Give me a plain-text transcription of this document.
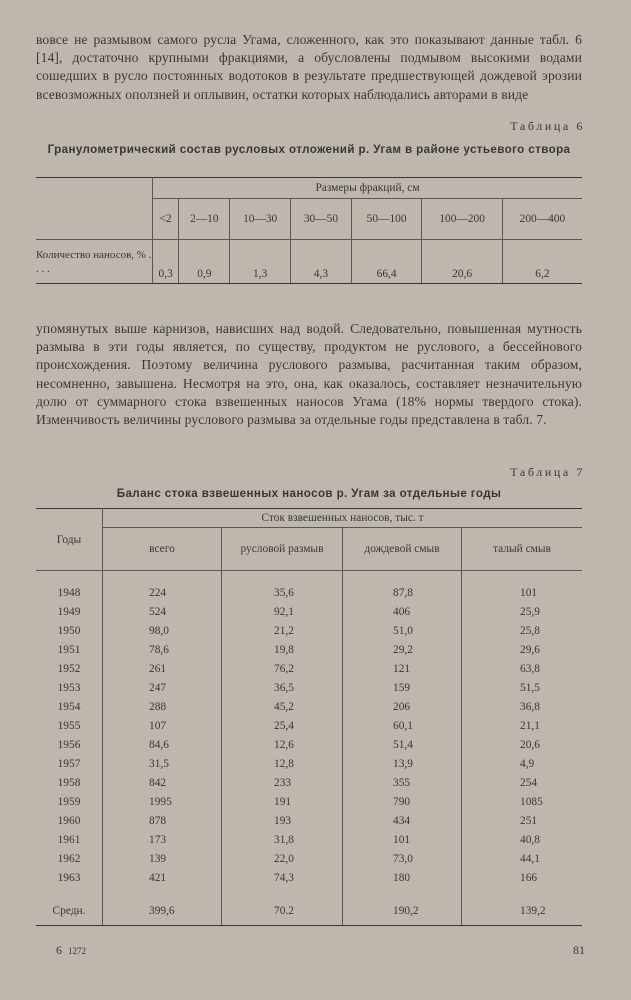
вовсе не размывом самого русла Угама, сложенного, как это показывают данные табл. 6 [14], достаточно крупными фракциями, а обусловлены подмывом высокими водами сошедших в русло постоянных водотоков в результате предшествующей дождевой эрозии всевозможных оползней и оплывин, остатки которых наблюдались авторами в виде
Таблица 6
Гранулометрический состав русловых отложений р. Угам в районе устьевого створа
	Размеры фракций, см						
	<2	2—10	10—30	30—50	50—100	100—200	200—400
Количество наносов, % . . . .	0,3	0,9	1,3	4,3	66,4	20,6	6,2
упомянутых выше карнизов, нависших над водой. Следовательно, повышенная мутность размыва в эти годы является, по существу, продуктом не руслового, а бессейнового происхождения. Поэтому величина руслового размыва, расчитанная таким образом, несомненно, завышена. Несмотря на это, она, как оказалось, составляет незначительную долю от суммарного стока взвешенных наносов Угама (18% нормы твердого стока). Изменчивость величины руслового размыва за отдельные годы представлена в табл. 7.
Таблица 7
Баланс стока взвешенных наносов р. Угам за отдельные годы
Годы	Сток взвешенных наносов, тыс. т			
	всего	русловой размыв	дождевой смыв	талый смыв

1948	224	35,6	87,8	101
1949	524	92,1	406	25,9
1950	98,0	21,2	51,0	25,8
1951	78,6	19,8	29,2	29,6
1952	261	76,2	121	63,8
1953	247	36,5	159	51,5
1954	288	45,2	206	36,8
1955	107	25,4	60,1	21,1
1956	84,6	12,6	51,4	20,6
1957	31,5	12,8	13,9	4,9
1958	842	233	355	254
1959	1995	191	790	1085
1960	878	193	434	251
1961	173	31,8	101	40,8
1962	139	22,0	73,0	44,1
1963	421	74,3	180	166
Средн.	399,6	70.2	190,2	139,2

6 1272	81
